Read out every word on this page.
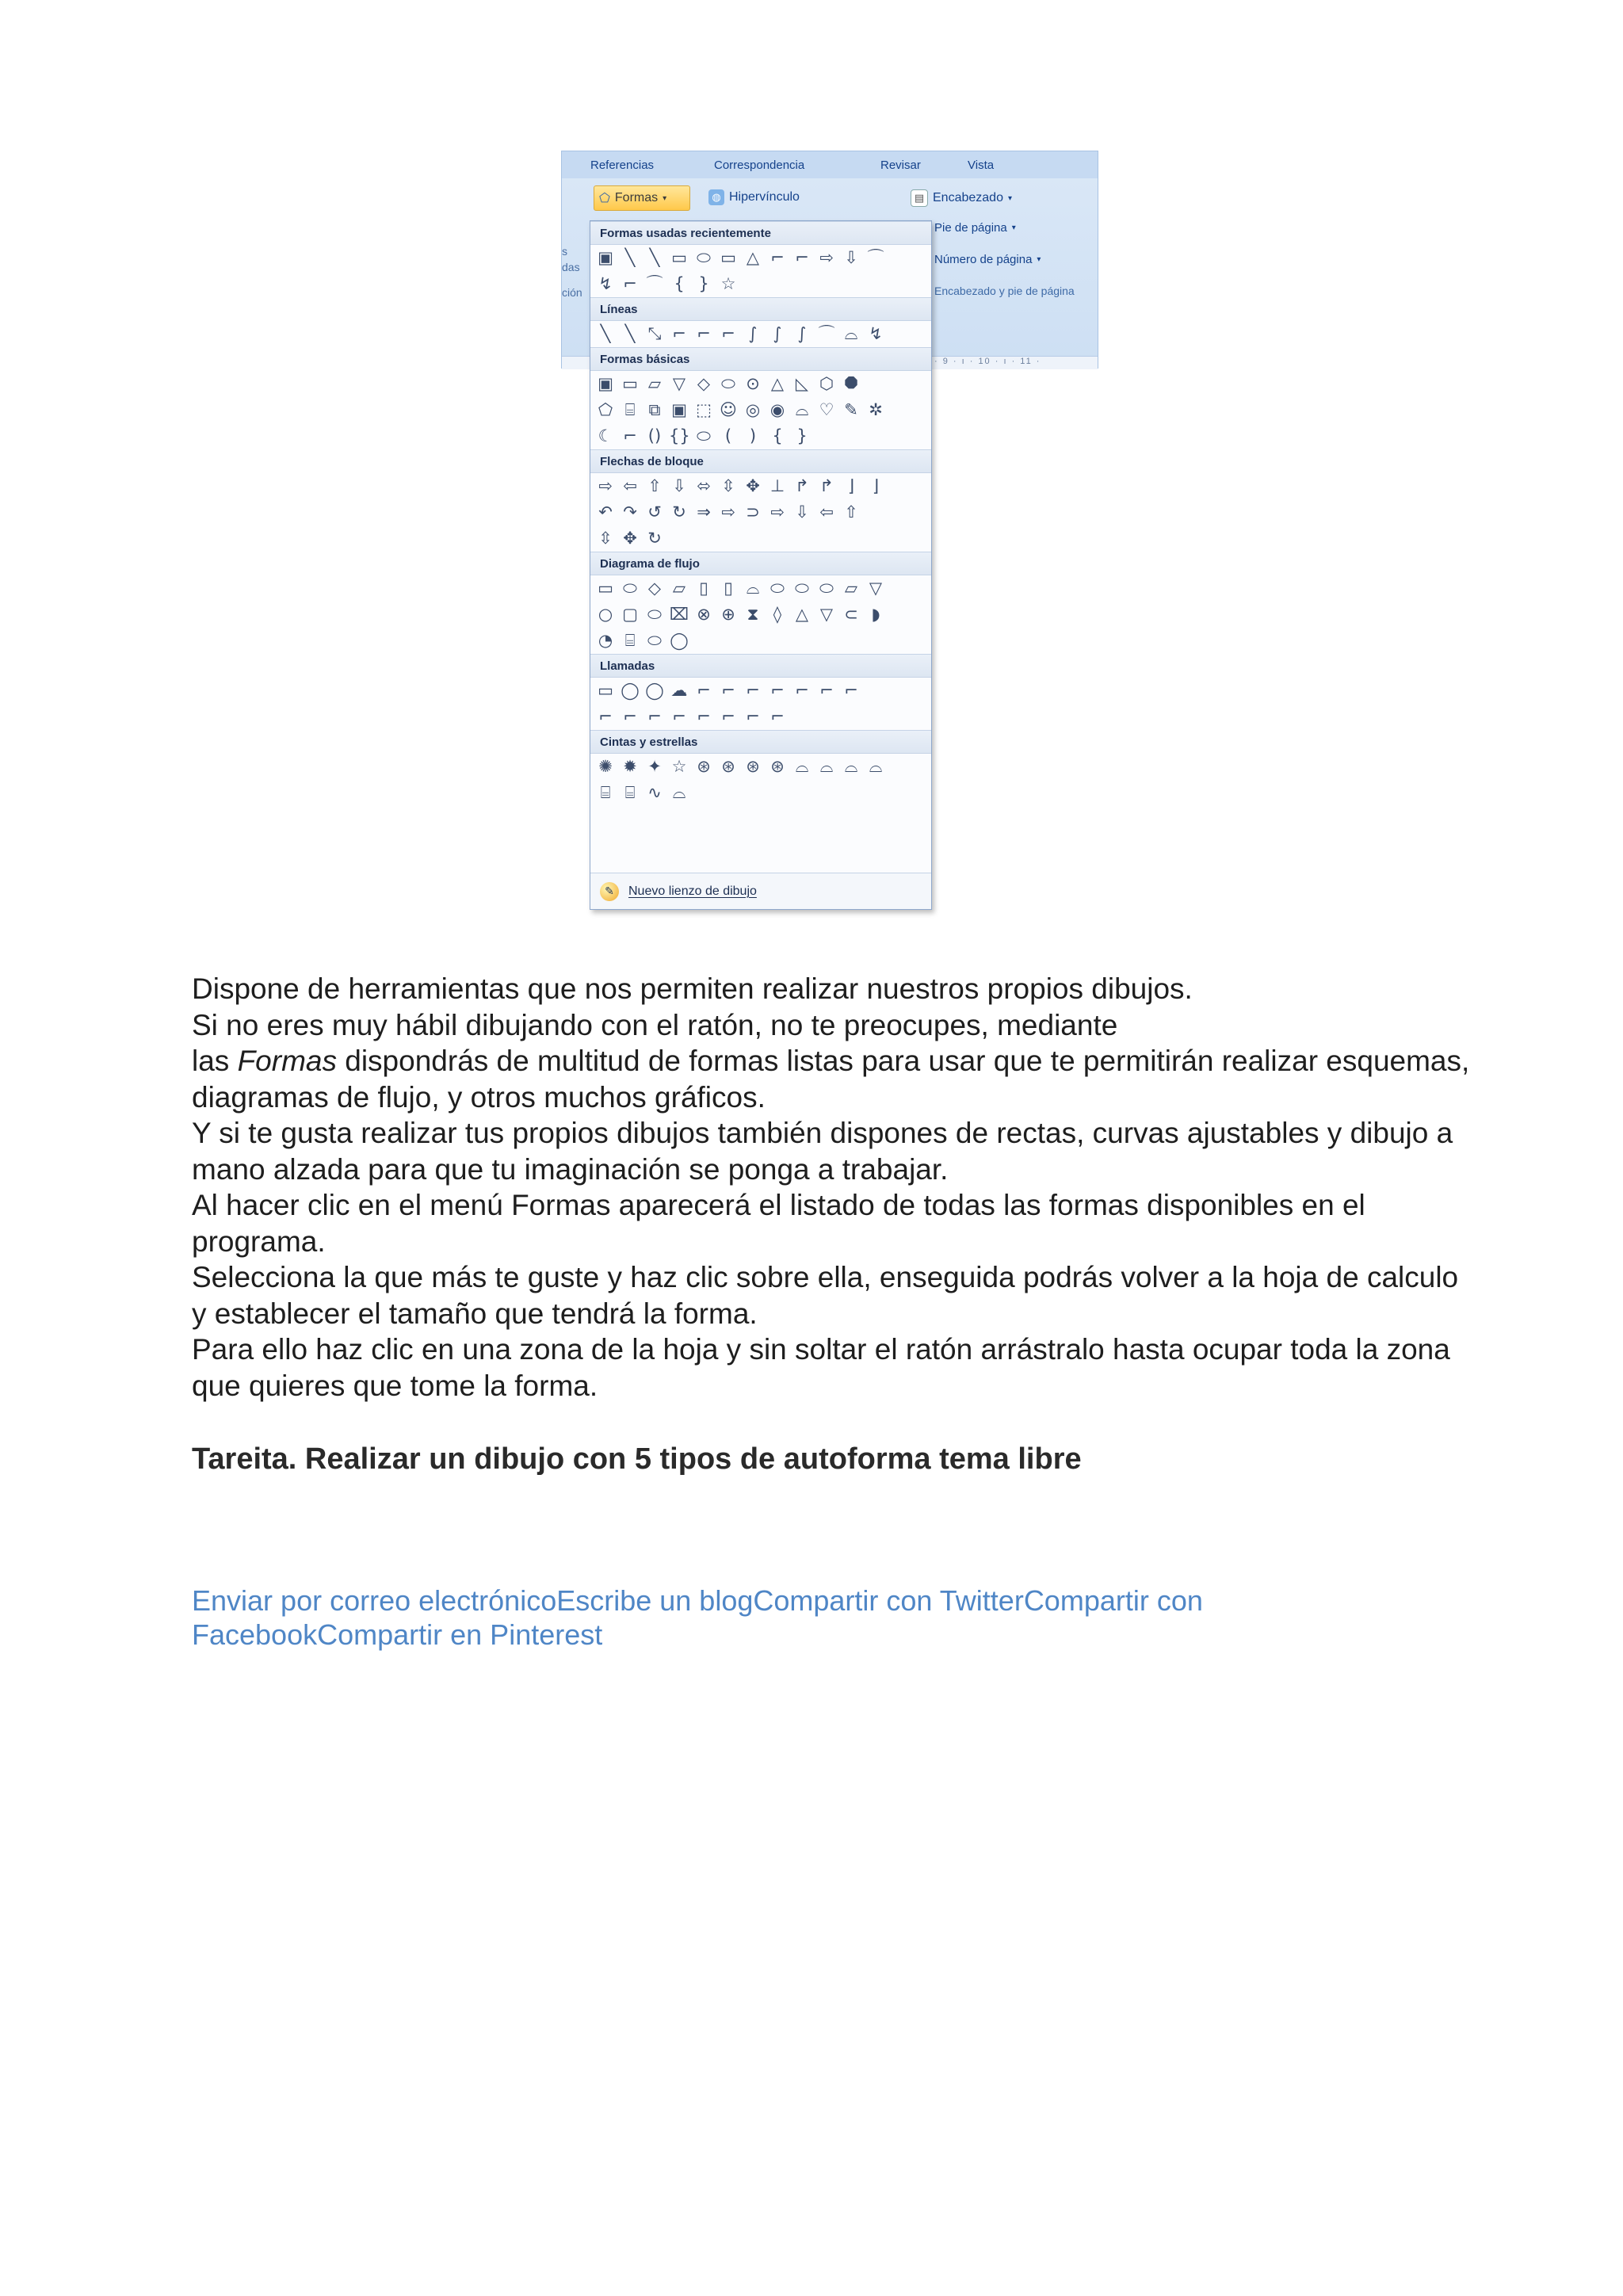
Referencias	Correspondencia	Revisar	Vista
⬠ Formas ▾	◍ Hipervínculo	▤ Encabezado ▾
Pie de página ▾
Número de página ▾
Encabezado y pie de página
s
das
ción
· 9 · ı · 10 · ı · 11 ·
Formas usadas recientemente
▣ ╲ ╲ ▭ ⬭ ▭ △ ⌐ ⌐ ⇨ ⇩ ⌒
↯ ⌐ ⌒ { } ☆
Líneas
╲ ╲ ⤡ ⌐ ⌐ ⌐ ∫ ∫ ∫ ⌒ ⌓ ↯
Formas básicas
▣ ▭ ▱ ▽ ◇ ⬭ ⊙ △ ◺ ⬡ ⯃
⬠ ⌸ ⧉ ▣ ⬚ ☺ ◎ ◉ ⌓ ♡ ✎ ✲
☾ ⌐ () {} ⬭ (	) { }
Flechas de bloque
⇨ ⇦ ⇧ ⇩ ⬄ ⇳ ✥ ⊥ ↱ ↱ ⌋	⌋
↶ ↷ ↺ ↻ ⇒ ⇨ ⊃ ⇨ ⇩ ⇦ ⇧
⇳ ✥ ↻
Diagrama de flujo
▭ ⬭ ◇ ▱ ▯ ▯ ⌓ ⬭ ⬭ ⬭ ▱ ▽
○ ▢ ⬭ ⌧ ⊗ ⊕ ⧗ ◊ △ ▽ ⊂ ◗
◔ ⌸ ⬭ ◯
Llamadas
▭ ◯ ◯ ☁ ⌐ ⌐ ⌐ ⌐ ⌐ ⌐ ⌐
⌐ ⌐ ⌐ ⌐ ⌐ ⌐ ⌐ ⌐
Cintas y estrellas
✺ ✹ ✦ ☆ ⊛ ⊛ ⊛ ⊛ ⌓ ⌓ ⌓ ⌓
⌸ ⌸ ∿ ⌓
✎	Nuevo lienzo de dibujo

Dispone de herramientas que nos permiten realizar nuestros propios dibujos.

Si no eres muy hábil dibujando con el ratón, no te preocupes, mediante

las Formas dispondrás de multitud de formas listas para usar que te permitirán realizar esquemas, diagramas de flujo, y otros muchos gráficos.

Y si te gusta realizar tus propios dibujos también dispones de rectas, curvas ajustables y dibujo a mano alzada para que tu imaginación se ponga a trabajar.

Al hacer clic en el menú Formas aparecerá el listado de todas las formas disponibles en el programa.

Selecciona la que más te guste y haz clic sobre ella, enseguida podrás volver a la hoja de calculo y establecer el tamaño que tendrá la forma.

Para ello haz clic en una zona de la hoja y sin soltar el ratón arrástralo hasta ocupar toda la zona que quieres que tome la forma.

Tareita. Realizar un dibujo con 5 tipos de autoforma tema libre
Enviar por correo electrónicoEscribe un blogCompartir con TwitterCompartir con FacebookCompartir en Pinterest
